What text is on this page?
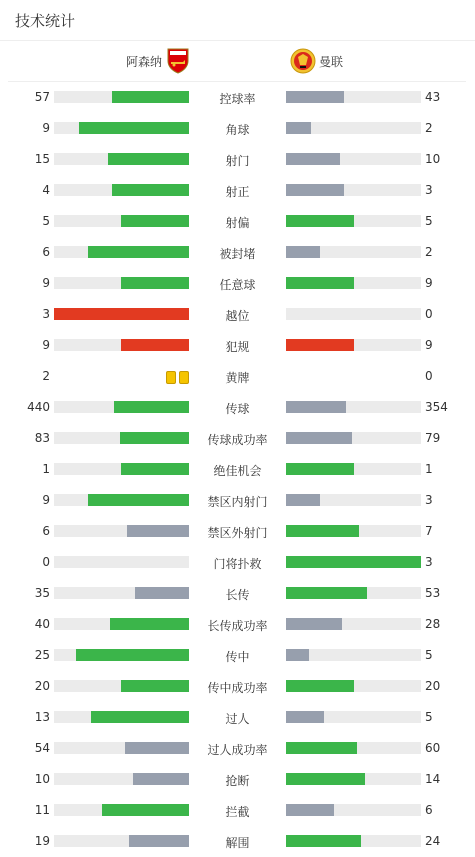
技术统计
阿森纳	曼联
57	控球率	43
9	角球	2
15	射门	10
4	射正	3
5	射偏	5
6	被封堵	2
9	任意球	9
3	越位	0
9	犯规	9
2	黄牌	0
440	传球	354
83	传球成功率	79
1	绝佳机会	1
9	禁区内射门	3
6	禁区外射门	7
0	门将扑救	3
35	长传	53
40	长传成功率	28
25	传中	5
20	传中成功率	20
13	过人	5
54	过人成功率	60
10	抢断	14
11	拦截	6
19	解围	24
